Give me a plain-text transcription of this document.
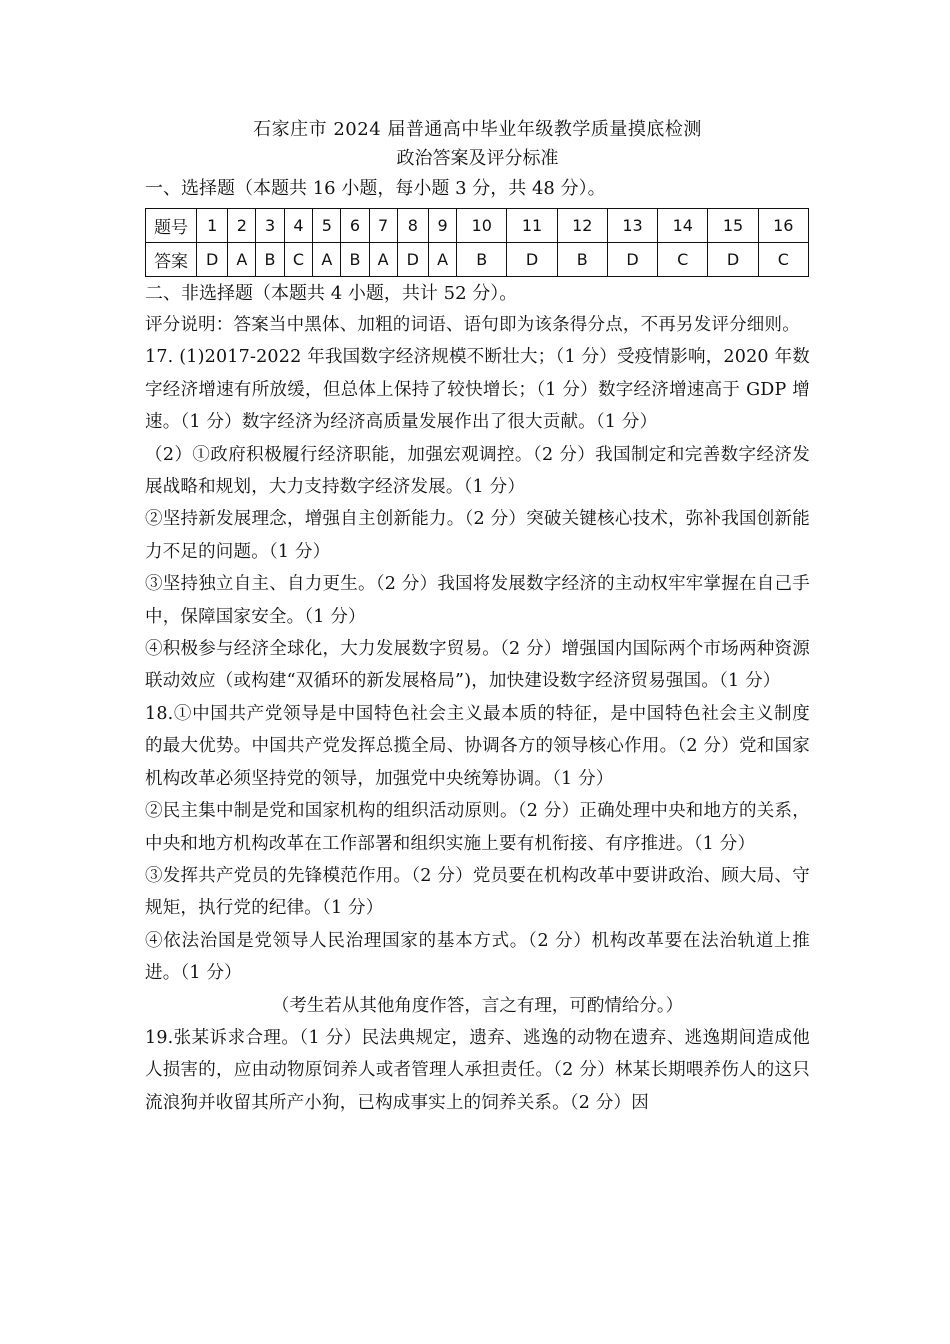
石家庄市 2024 届普通高中毕业年级教学质量摸底检测

政治答案及评分标准

一、选择题（本题共 16 小题，每小题 3 分，共 48 分）。

题号	1	2	3	4	5	6	7	8	9	10	11	12	13	14	15	16
答案	D	A	B	C	A	B	A	D	A	B	D	B	D	C	D	C

二、非选择题（本题共 4 小题，共计 52 分）。

评分说明：答案当中黑体、加粗的词语、语句即为该条得分点，不再另发评分细则。

17. (1)2017-2022 年我国数字经济规模不断壮大；（1 分）受疫情影响，2020 年数字经济增速有所放缓，但总体上保持了较快增长；（1 分）数字经济增速高于 GDP 增速。（1 分）数字经济为经济高质量发展作出了很大贡献。（1 分）

（2）①政府积极履行经济职能，加强宏观调控。（2 分）我国制定和完善数字经济发展战略和规划，大力支持数字经济发展。（1 分）

②坚持新发展理念，增强自主创新能力。（2 分）突破关键核心技术，弥补我国创新能力不足的问题。（1 分）

③坚持独立自主、自力更生。（2 分）我国将发展数字经济的主动权牢牢掌握在自己手中，保障国家安全。（1 分）

④积极参与经济全球化，大力发展数字贸易。（2 分）增强国内国际两个市场两种资源联动效应（或构建“双循环的新发展格局”)，加快建设数字经济贸易强国。（1 分）

18.①中国共产党领导是中国特色社会主义最本质的特征，是中国特色社会主义制度的最大优势。中国共产党发挥总揽全局、协调各方的领导核心作用。（2 分）党和国家机构改革必须坚持党的领导，加强党中央统筹协调。（1 分）

②民主集中制是党和国家机构的组织活动原则。（2 分）正确处理中央和地方的关系，中央和地方机构改革在工作部署和组织实施上要有机衔接、有序推进。（1 分）

③发挥共产党员的先锋模范作用。（2 分）党员要在机构改革中要讲政治、顾大局、守规矩，执行党的纪律。（1 分）

④依法治国是党领导人民治理国家的基本方式。（2 分）机构改革要在法治轨道上推进。（1 分）

（考生若从其他角度作答，言之有理，可酌情给分。）

19.张某诉求合理。（1 分）民法典规定，遗弃、逃逸的动物在遗弃、逃逸期间造成他人损害的，应由动物原饲养人或者管理人承担责任。（2 分）林某长期喂养伤人的这只流浪狗并收留其所产小狗，已构成事实上的饲养关系。（2 分）因
